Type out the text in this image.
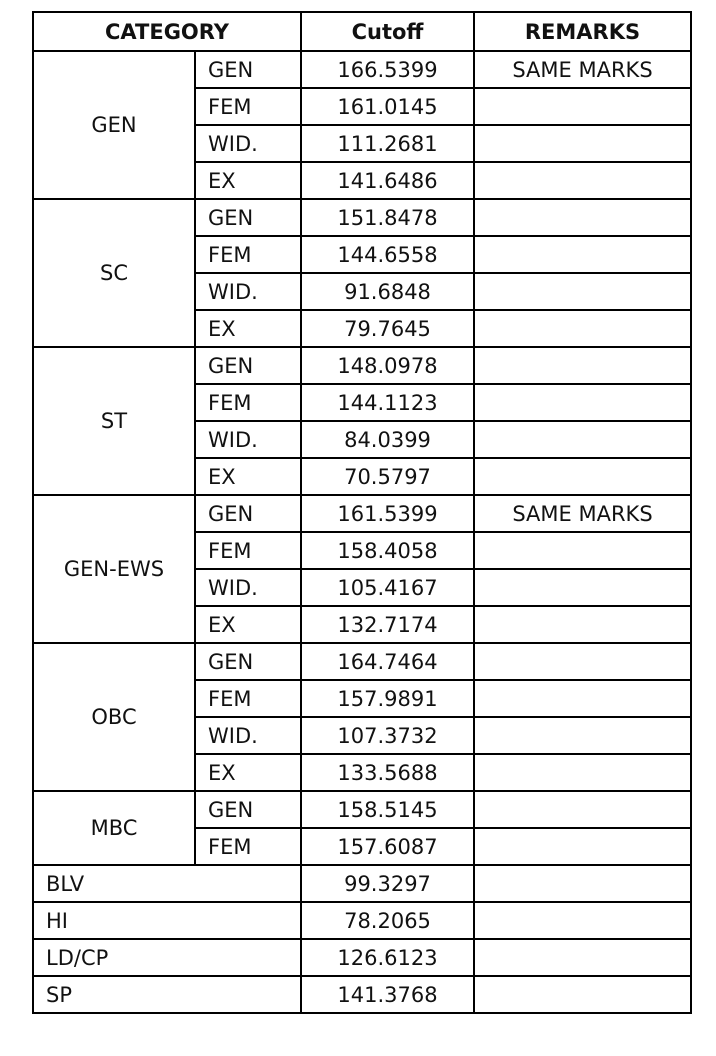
CATEGORY		Cutoff	REMARKS
GEN	GEN	166.5399	SAME MARKS
	FEM	161.0145	
	WID.	111.2681	
	EX	141.6486	
SC	GEN	151.8478	
	FEM	144.6558	
	WID.	91.6848	
	EX	79.7645	
ST	GEN	148.0978	
	FEM	144.1123	
	WID.	84.0399	
	EX	70.5797	
GEN-EWS	GEN	161.5399	SAME MARKS
	FEM	158.4058	
	WID.	105.4167	
	EX	132.7174	
OBC	GEN	164.7464	
	FEM	157.9891	
	WID.	107.3732	
	EX	133.5688	
MBC	GEN	158.5145	
	FEM	157.6087	
BLV		99.3297	
HI		78.2065	
LD/CP		126.6123	
SP		141.3768	
